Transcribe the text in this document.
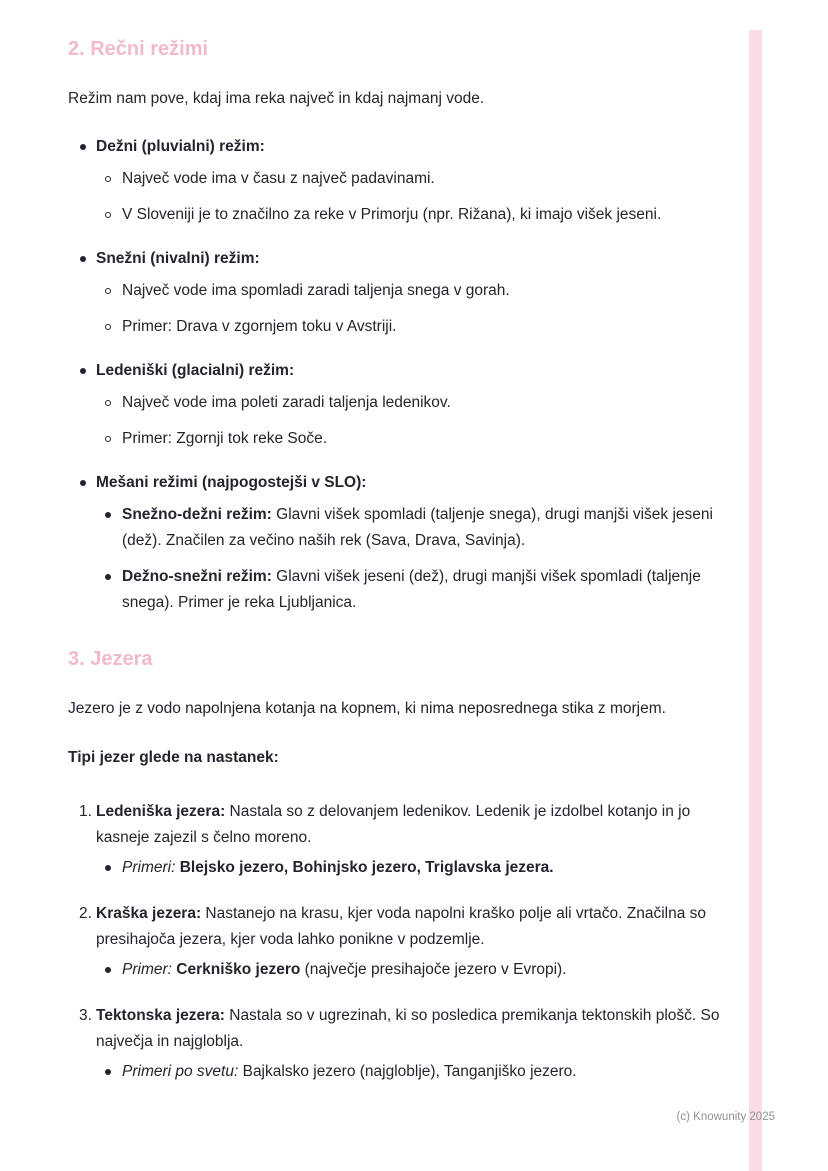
2. Rečni režimi

Režim nam pove, kdaj ima reka največ in kdaj najmanj vode.

Dežni (pluvialni) režim:
Največ vode ima v času z največ padavinami.
V Sloveniji je to značilno za reke v Primorju (npr. Rižana), ki imajo višek jeseni.
Snežni (nivalni) režim:
Največ vode ima spomladi zaradi taljenja snega v gorah.
Primer: Drava v zgornjem toku v Avstriji.
Ledeniški (glacialni) režim:
Največ vode ima poleti zaradi taljenja ledenikov.
Primer: Zgornji tok reke Soče.
Mešani režimi (najpogostejši v SLO):
Snežno-dežni režim: Glavni višek spomladi (taljenje snega), drugi manjši višek jeseni (dež). Značilen za večino naših rek (Sava, Drava, Savinja).
Dežno-snežni režim: Glavni višek jeseni (dež), drugi manjši višek spomladi (taljenje snega). Primer je reka Ljubljanica.
3. Jezera

Jezero je z vodo napolnjena kotanja na kopnem, ki nima neposrednega stika z morjem.

Tipi jezer glede na nastanek:

1. Ledeniška jezera: Nastala so z delovanjem ledenikov. Ledenik je izdolbel kotanjo in jo kasneje zajezil s čelno moreno.
Primeri: Blejsko jezero, Bohinjsko jezero, Triglavska jezera.
2. Kraška jezera: Nastanejo na krasu, kjer voda napolni kraško polje ali vrtačo. Značilna so presihajoča jezera, kjer voda lahko ponikne v podzemlje.
Primer: Cerkniško jezero (največje presihajoče jezero v Evropi).
3. Tektonska jezera: Nastala so v ugrezinah, ki so posledica premikanja tektonskih plošč. So največja in najgloblja.
Primeri po svetu: Bajkalsko jezero (najgloblje), Tanganjiško jezero.
(c) Knowunity 2025
